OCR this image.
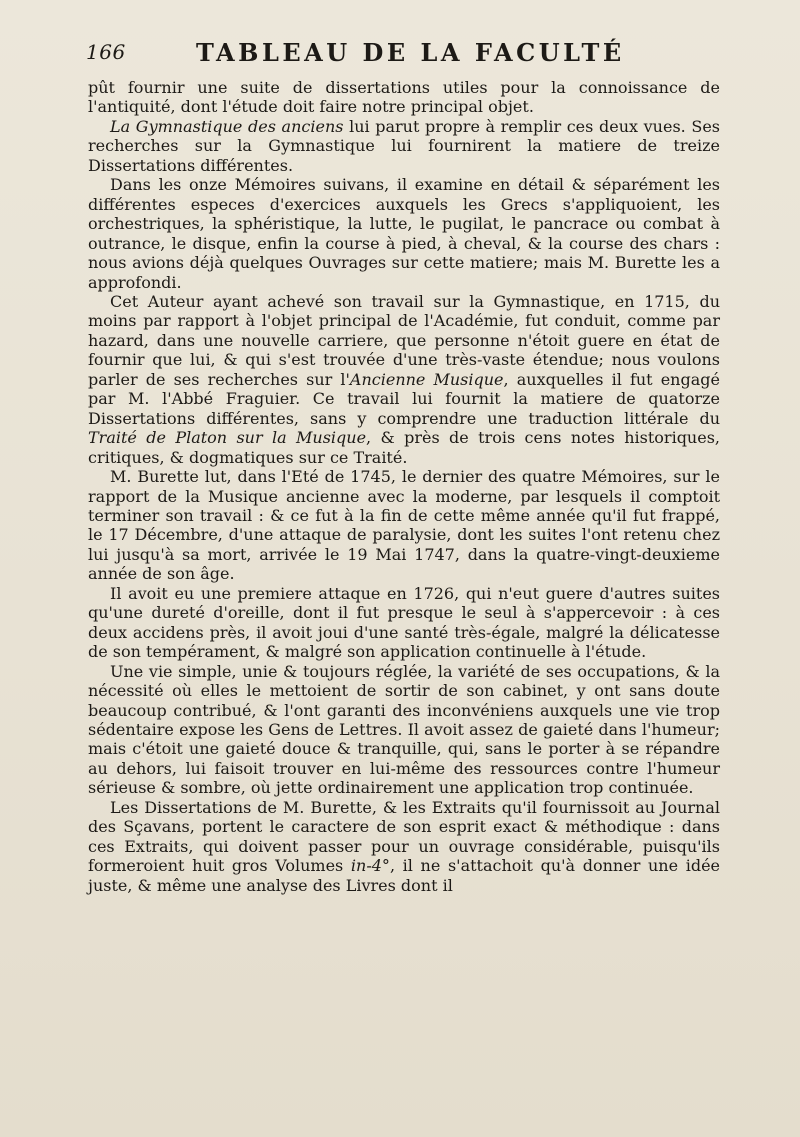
166	TABLEAU DE LA FACULTÉ

pût fournir une suite de dissertations utiles pour la connoissance de l'antiquité, dont l'étude doit faire notre principal objet.

La Gymnastique des anciens lui parut propre à remplir ces deux vues. Ses recherches sur la Gymnastique lui fournirent la matiere de treize Dissertations différentes.

Dans les onze Mémoires suivans, il examine en détail & séparément les différentes especes d'exercices auxquels les Grecs s'appliquoient, les orchestriques, la sphéristique, la lutte, le pugilat, le pancrace ou combat à outrance, le disque, enfin la course à pied, à cheval, & la course des chars : nous avions déjà quelques Ouvrages sur cette matiere; mais M. Burette les a approfondi.

Cet Auteur ayant achevé son travail sur la Gymnastique, en 1715, du moins par rapport à l'objet principal de l'Académie, fut conduit, comme par hazard, dans une nouvelle carriere, que personne n'étoit guere en état de fournir que lui, & qui s'est trouvée d'une très-vaste étendue; nous voulons parler de ses recherches sur l'Ancienne Musique, auxquelles il fut engagé par M. l'Abbé Fraguier. Ce travail lui fournit la matiere de quatorze Dissertations différentes, sans y comprendre une traduction littérale du Traité de Platon sur la Musique, & près de trois cens notes historiques, critiques, & dogmatiques sur ce Traité.

M. Burette lut, dans l'Eté de 1745, le dernier des quatre Mémoires, sur le rapport de la Musique ancienne avec la moderne, par lesquels il comptoit terminer son travail : & ce fut à la fin de cette même année qu'il fut frappé, le 17 Décembre, d'une attaque de paralysie, dont les suites l'ont retenu chez lui jusqu'à sa mort, arrivée le 19 Mai 1747, dans la quatre-vingt-deuxieme année de son âge.

Il avoit eu une premiere attaque en 1726, qui n'eut guere d'autres suites qu'une dureté d'oreille, dont il fut presque le seul à s'appercevoir : à ces deux accidens près, il avoit joui d'une santé très-égale, malgré la délicatesse de son tempérament, & malgré son application continuelle à l'étude.

Une vie simple, unie & toujours réglée, la variété de ses occupations, & la nécessité où elles le mettoient de sortir de son cabinet, y ont sans doute beaucoup contribué, & l'ont garanti des inconvéniens auxquels une vie trop sédentaire expose les Gens de Lettres. Il avoit assez de gaieté dans l'humeur; mais c'étoit une gaieté douce & tranquille, qui, sans le porter à se répandre au dehors, lui faisoit trouver en lui-même des ressources contre l'humeur sérieuse & sombre, où jette ordinairement une application trop continuée.

Les Dissertations de M. Burette, & les Extraits qu'il fournissoit au Journal des Sçavans, portent le caractere de son esprit exact & méthodique : dans ces Extraits, qui doivent passer pour un ouvrage considérable, puisqu'ils formeroient huit gros Volumes in-4°, il ne s'attachoit qu'à donner une idée juste, & même une analyse des Livres dont il
